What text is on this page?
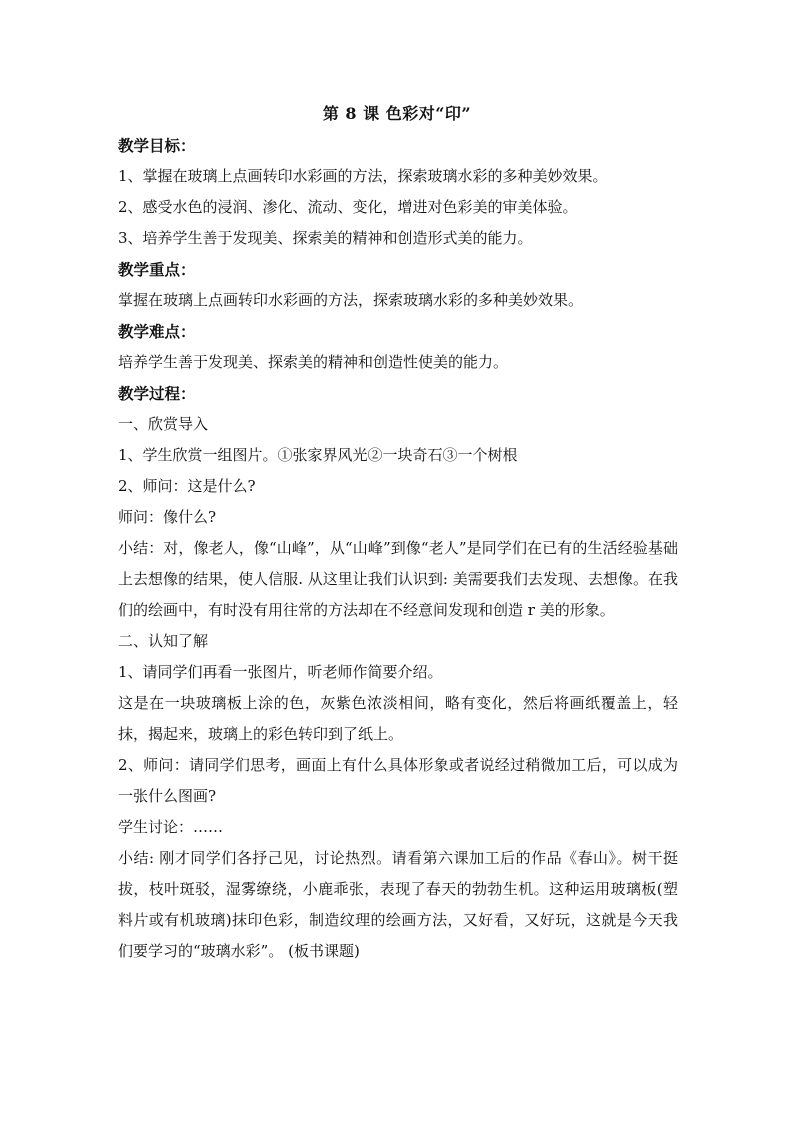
第 8 课 色彩对“印”

教学目标：

1、掌握在玻璃上点画转印水彩画的方法，探索玻璃水彩的多种美妙效果。

2、感受水色的浸润、渗化、流动、变化，增进对色彩美的审美体验。

3、培养学生善于发现美、探索美的精神和创造形式美的能力。

教学重点：

掌握在玻璃上点画转印水彩画的方法，探索玻璃水彩的多种美妙效果。

教学难点：

培养学生善于发现美、探索美的精神和创造性使美的能力。

教学过程：

一、欣赏导入

1、学生欣赏一组图片。①张家界风光②一块奇石③一个树根

2、师问：这是什么?

师问：像什么?

小结：对，像老人，像“山峰”，从“山峰”到像“老人”是同学们在已有的生活经验基础上去想像的结果，使人信服. 从这里让我们认识到: 美需要我们去发现、去想像。在我们的绘画中，有时没有用往常的方法却在不经意间发现和创造 r 美的形象。

二、认知了解

1、请同学们再看一张图片，听老师作简要介绍。

这是在一块玻璃板上涂的色，灰紫色浓淡相间，略有变化，然后将画纸覆盖上，轻抹，揭起来，玻璃上的彩色转印到了纸上。

2、师问：请同学们思考，画面上有什么具体形象或者说经过稍微加工后，可以成为一张什么图画?

学生讨论：……

小结: 刚才同学们各抒己见，讨论热烈。请看第六课加工后的作品《春山》。树干挺拔，枝叶斑驳，湿雾缭绕，小鹿乖张，表现了春天的勃勃生机。这种运用玻璃板(塑料片或有机玻璃)抹印色彩，制造纹理的绘画方法，又好看，又好玩，这就是今天我们要学习的“玻璃水彩”。 (板书课题)
